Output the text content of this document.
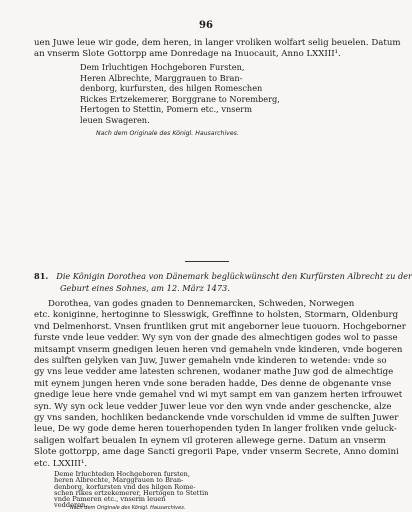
96

uen Juwe leue wir gode, dem heren, in langer vroliken wolfart selig beuelen. Datum
an vnserm Slote Gottorpp ame Donredage na Inuocauit, Anno LXXIII¹.

Dem Irluchtigen Hochgeboren Fursten,
Heren Albrechte, Marggrauen to Bran-
denborg, kurfursten, des hilgen Romeschen
Rickes Ertzekemerer, Borggrane to Noremberg,
Hertogen to Stettin, Pomern etc., vnserm
leuen Swageren.
Nach dem Originale des Königl. Hausarchives.
81. Die Königin Dorothea von Dänemark beglückwünscht den Kurfürsten Albrecht zu der
Geburt eines Sohnes, am 12. März 1473.

Dorothea, van godes gnaden to Dennemarcken, Schweden, Norwegen
etc. koniginne, hertoginne to Slesswigk, Greffinne to holsten, Stormarn, Oldenburg
vnd Delmenhorst. Vnsen fruntliken grut mit angeborner leue tuouorn. Hochgeborner
furste vnde leue vedder. Wy syn von der gnade des almechtigen godes wol to passe
mitsampt vnserm gnedigen leuen heren vnd gemaheln vnde kinderen, vnde bogeren
des sulften gelyken van Juw, Juwer gemaheln vnde kinderen to wetende: vnde so
gy vns leue vedder ame latesten schrenen, wodaner mathe Juw god de almechtige
mit eynem jungen heren vnde sone beraden hadde, Des denne de obgenante vnse
gnedige leue here vnde gemahel vnd wi myt sampt em van ganzem herten irfrouwet
syn. Wy syn ock leue vedder Juwer leue vor den wyn vnde ander geschencke, alze
gy vns sanden, hochliken bedanckende vnde vorschulden id vmme de sulften Juwer
leue, De wy gode deme heren touerhopenden tyden In langer froliken vnde geluck-
saligen wolfart beualen In eynem vil groteren allewege gerne. Datum an vnserm
Slote gottorpp, ame dage Sancti gregorii Pape, vnder vnserm Secrete, Anno domini
etc. LXXIII¹.

Deme Irluchteden Hochgeboren fursten,
heren Albrechte, Marggrauen to Bran-
denborg, korfursten vnd des hilgen Rome-
schen rikes ertzekemerer, Hertogen to Stettin
vnde Pameren etc., vnserm leuen
vedderen.
Nach dem Originale des Königl. Hausarchives.
